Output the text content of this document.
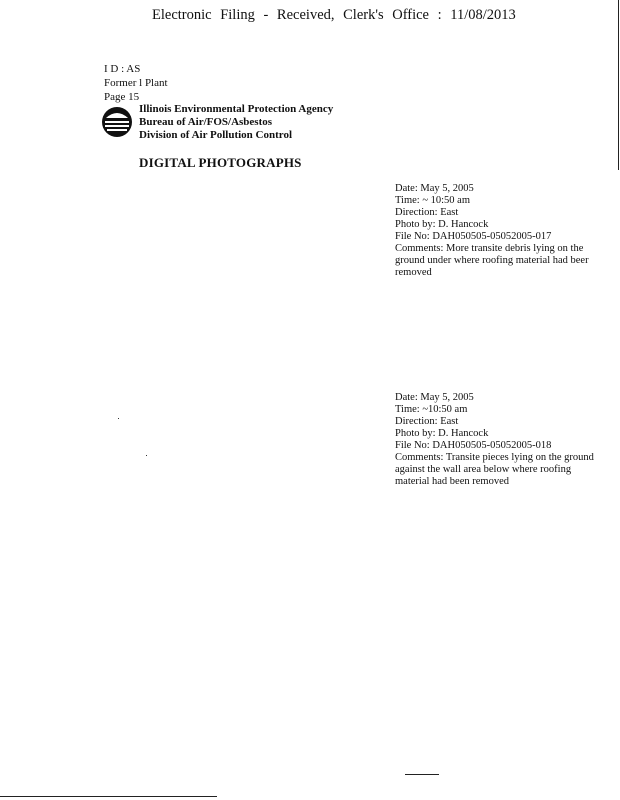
Electronic Filing - Received, Clerk's Office : 11/08/2013
I D : AS
Former l Plant
Page 15
Illinois Environmental Protection Agency
Bureau of Air/FOS/Asbestos
Division of Air Pollution Control
DIGITAL PHOTOGRAPHS
Date: May 5, 2005
Time: ~ 10:50 am
Direction: East
Photo by: D. Hancock
File No: DAH050505-05052005-017
Comments: More transite debris lying on the
ground under where roofing material had beer
removed
Date: May 5, 2005
Time: ~10:50 am
Direction: East
Photo by: D. Hancock
File No: DAH050505-05052005-018
Comments: Transite pieces lying on the ground
against the wall area below where roofing
material had been removed
